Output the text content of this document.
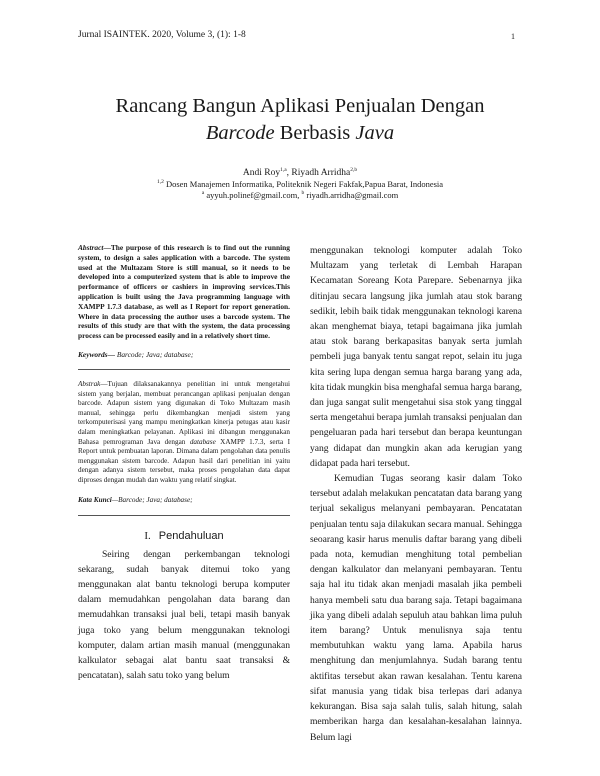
Jurnal ISAINTEK. 2020, Volume 3, (1): 1-8	1
Rancang Bangun Aplikasi Penjualan Dengan
Barcode Berbasis Java
Andi Roy$^{1,a}$, Riyadh Arridha$^{2,b}$
$^{1,2}$ Dosen Manajemen Informatika, Politeknik Negeri Fakfak,Papua Barat, Indonesia
$^a$ ayyuh.polinef@gmail.com, $^b$ riyadh.arridha@gmail.com

Abstract—The purpose of this research is to find out the running system, to design a sales application with a barcode. The system used at the Multazam Store is still manual, so it needs to be developed into a computerized system that is able to improve the performance of officers or cashiers in improving services.This application is built using the Java programming language with XAMPP 1.7.3 database, as well as I Report for report generation. Where in data processing the author uses a barcode system. The results of this study are that with the system, the data processing process can be processed easily and in a relatively short time.

Keywords— Barcode; Java; database;

Abstrak—Tujuan dilaksanakannya penelitian ini untuk mengetahui sistem yang berjalan, membuat perancangan aplikasi penjualan dengan barcode. Adapun sistem yang digunakan di Toko Multazam masih manual, sehingga perlu dikembangkan menjadi sistem yang terkomputerisasi yang mampu meningkatkan kinerja petugas atau kasir dalam meningkatkan pelayanan. Aplikasi ini dibangun menggunakan Bahasa pemrograman Java dengan database XAMPP 1.7.3, serta I Report untuk pembuatan laporan. Dimana dalam pengolahan data penulis menggunakan sistem barcode. Adapun hasil dari penelitian ini yaitu dengan adanya sistem tersebut, maka proses pengolahan data dapat diproses dengan mudah dan waktu yang relatif singkat.

Kata Kunci—Barcode; Java; database;

I. Pendahuluan

Seiring dengan perkembangan teknologi sekarang, sudah banyak ditemui toko yang menggunakan alat bantu teknologi berupa komputer dalam memudahkan pengolahan data barang dan memudahkan transaksi jual beli, tetapi masih banyak juga toko yang belum menggunakan teknologi komputer, dalam artian masih manual (menggunakan kalkulator sebagai alat bantu saat transaksi & pencatatan), salah satu toko yang belum

menggunakan teknologi komputer adalah Toko Multazam yang terletak di Lembah Harapan Kecamatan Soreang Kota Parepare. Sebenarnya jika ditinjau secara langsung jika jumlah atau stok barang sedikit, lebih baik tidak menggunakan teknologi karena akan menghemat biaya, tetapi bagaimana jika jumlah atau stok barang berkapasitas banyak serta jumlah pembeli juga banyak tentu sangat repot, selain itu juga kita sering lupa dengan semua harga barang yang ada, kita tidak mungkin bisa menghafal semua harga barang, dan juga sangat sulit mengetahui sisa stok yang tinggal serta mengetahui berapa jumlah transaksi penjualan dan pengeluaran pada hari tersebut dan berapa keuntungan yang didapat dan mungkin akan ada kerugian yang didapat pada hari tersebut.

Kemudian Tugas seorang kasir dalam Toko tersebut adalah melakukan pencatatan data barang yang terjual sekaligus melanyani pembayaran. Pencatatan penjualan tentu saja dilakukan secara manual. Sehingga seoarang kasir harus menulis daftar barang yang dibeli pada nota, kemudian menghitung total pembelian dengan kalkulator dan melanyani pembayaran. Tentu saja hal itu tidak akan menjadi masalah jika pembeli hanya membeli satu dua barang saja. Tetapi bagaimana jika yang dibeli adalah sepuluh atau bahkan lima puluh item barang? Untuk menulisnya saja tentu membutuhkan waktu yang lama. Apabila harus menghitung dan menjumlahnya. Sudah barang tentu aktifitas tersebut akan rawan kesalahan. Tentu karena sifat manusia yang tidak bisa terlepas dari adanya kekurangan. Bisa saja salah tulis, salah hitung, salah memberikan harga dan kesalahan-kesalahan lainnya. Belum lagi
